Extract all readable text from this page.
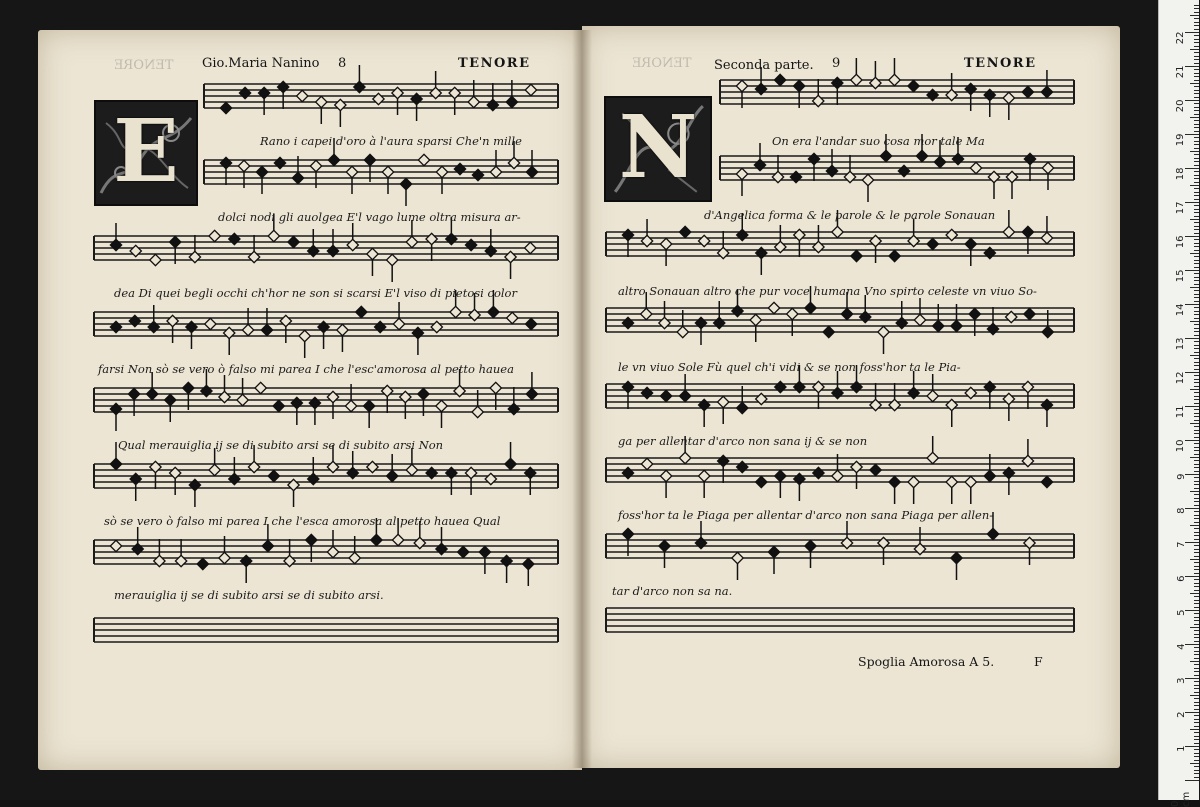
TENORE Gio.Maria Nanino 8	TENORE
E	Rano i capei d'oro à l'aura sparsi Che'n mille
dolci nodi gli auolgea E'l vago lume oltra misura ar-
dea Di quei begli occhi ch'hor ne son si scarsi E'l viso di pietosi color
farsi Non sò se vero ò falso mi parea I che l'esc'amorosa al petto haueа
Qual merauiglia ij se di subito arsi se di subito arsi Non
sò se vero ò falso mi parea I che l'esca amorosa al petto haueа Qual
merauiglia ij se di subito arsi se di subito arsi.
TENORE Seconda parte. 9	TENORE
N	On era l'andar suo cosa mor tale Ma
d'Angelica forma & le parole & le parole Sonauan
altro Sonauan altro che pur voce humana Vno spirto celeste vn viuo So-
le vn viuo Sole Fù quel ch'i vidi & se non foss'hor ta le Pia-
ga per allentar d'arco non sana ij & se non
foss'hor ta le Piaga per allentar d'arco non sana Piaga per allen-
tar d'arco non sa na.
Spoglia Amorosa A 5.	F
0 cm
1
2
3
4
5
6
7
8
9
10
11
12
13
14
15
16
17
18
19
20
21
22
